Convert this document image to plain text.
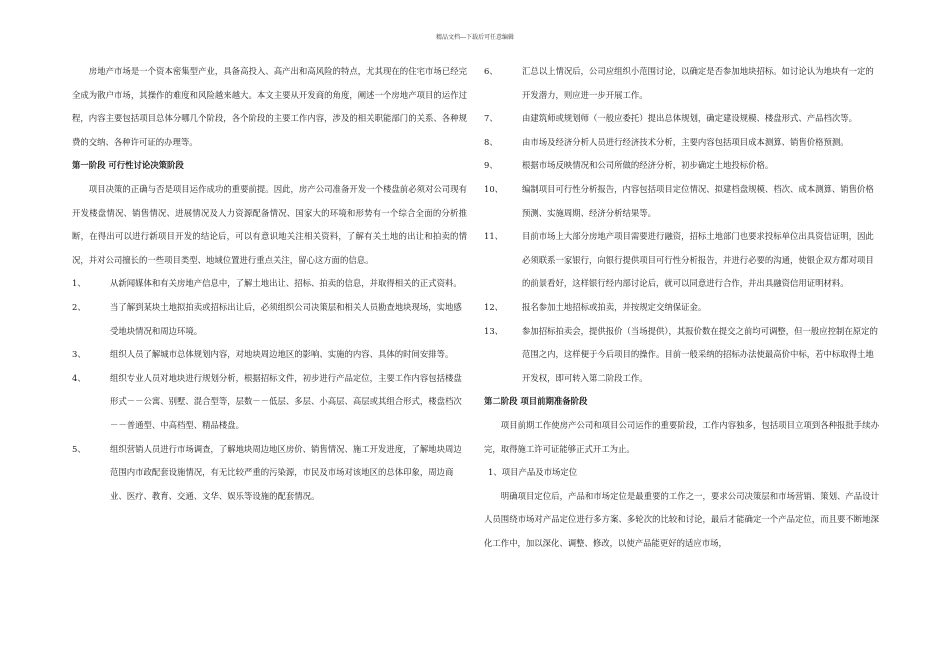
精品文档---下载后可任意编辑

房地产市场是一个资本密集型产业，具备高投入、高产出和高风险的特点，尤其现在的住宅市场已经完全成为散户市场，其操作的难度和风险越来越大。本文主要从开发商的角度，阐述一个房地产项目的运作过程，内容主要包括项目总体分哪几个阶段，各个阶段的主要工作内容，涉及的相关职能部门的关系、各种规费的交纳、各种许可证的办理等。

第一阶段 可行性讨论决策阶段

项目决策的正确与否是项目运作成功的重要前提。因此，房产公司准备开发一个楼盘前必须对公司现有开发楼盘情况、销售情况、进展情况及人力资源配备情况、国家大的环境和形势有一个综合全面的分析推断，在得出可以进行新项目开发的结论后，可以有意识地关注相关资料，了解有关土地的出让和拍卖的情况，并对公司擅长的一些项目类型、地域位置进行重点关注，留心这方面的信息。

1、	从新闻媒体和有关房地产信息中，了解土地出让、招标、拍卖的信息，并取得相关的正式资料。
2、	当了解到某块土地拟拍卖或招标出让后，必须组织公司决策层和相关人员勘查地块现场，实地感受地块情况和周边环境。
3、	组织人员了解城市总体规划内容，对地块周边地区的影响、实施的内容、具体的时间安排等。
4、	组织专业人员对地块进行规划分析，根据招标文件，初步进行产品定位，主要工作内容包括楼盘形式－－公寓、别墅、混合型等，层数－－低层、多层、小高层、高层或其组合形式，楼盘档次－－普通型、中高档型、精品楼盘。
5、	组织营销人员进行市场调查，了解地块周边地区房价、销售情况、施工开发进度，了解地块周边范围内市政配套设施情况，有无比较严重的污染源，市民及市场对该地区的总体印象，周边商业、医疗、教育、交通、文华、娱乐等设施的配套情况。
6、	汇总以上情况后，公司应组织小范围讨论，以确定是否参加地块招标。如讨论认为地块有一定的开发潜力，则应进一步开展工作。
7、	由建筑师或规划师（一般应委托）提出总体规划，确定建设规模、楼盘形式、产品档次等。
8、	由市场及经济分析人员进行经济技术分析，主要内容包括项目成本测算、销售价格预测。
9、	根据市场反映情况和公司所做的经济分析，初步确定土地投标价格。
10、	编制项目可行性分析报告，内容包括项目定位情况、拟建档盘规模、档次、成本测算、销售价格预测、实施周期、经济分析结果等。
11、	目前市场上大部分房地产项目需要进行融资，招标土地部门也要求投标单位出具资信证明，因此必须联系一家银行，向银行提供项目可行性分析报告，并进行必要的沟通，使银企双方都对项目的前景看好，这样银行经内部讨论后，就可以同意进行合作，并出具融资信用证明材料。
12、	报名参加土地招标或拍卖，并按规定交纳保证金。
13、	参加招标拍卖会，提供报价（当场提供），其报价数在提交之前均可调整，但一般应控制在原定的范围之内，这样便于今后项目的操作。目前一般采纳的招标办法使最高价中标，若中标取得土地开发权，即可转入第二阶段工作。

第二阶段 项目前期准备阶段

项目前期工作使房产公司和项目公司运作的重要阶段，工作内容独多，包括项目立项到各种报批手续办完，取得施工许可证能够正式开工为止。

1、项目产品及市场定位

明确项目定位后，产品和市场定位是最重要的工作之一，要求公司决策层和市场营销、策划、产品设计人员围绕市场对产品定位进行多方案、多轮次的比较和讨论，最后才能确定一个产品定位，而且要不断地深化工作中，加以深化、调整、修改，以使产品能更好的适应市场，
